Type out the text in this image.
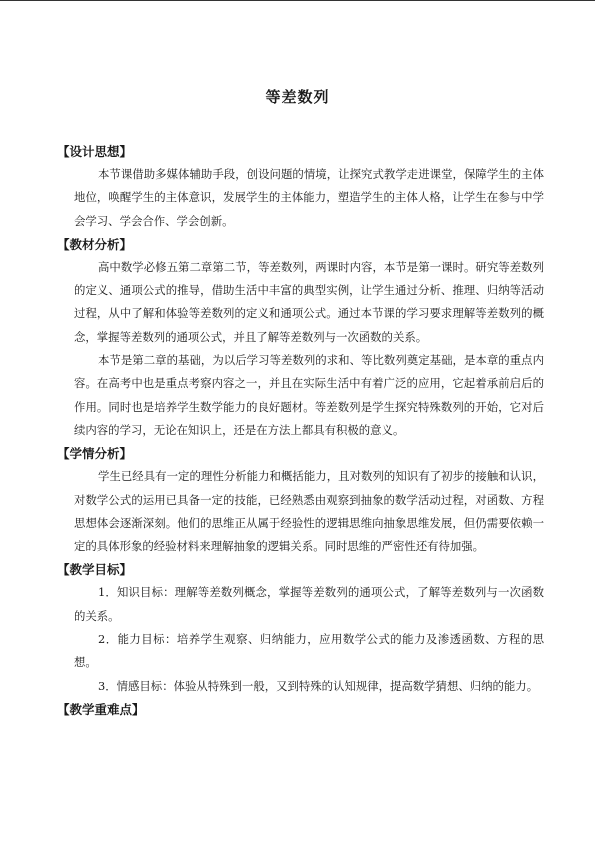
等差数列

【设计思想】

本节课借助多媒体辅助手段，创设问题的情境，让探究式教学走进课堂，保障学生的主体地位，唤醒学生的主体意识，发展学生的主体能力，塑造学生的主体人格，让学生在参与中学会学习、学会合作、学会创新。

【教材分析】

高中数学必修五第二章第二节，等差数列，两课时内容，本节是第一课时。研究等差数列的定义、通项公式的推导，借助生活中丰富的典型实例，让学生通过分析、推理、归纳等活动过程，从中了解和体验等差数列的定义和通项公式。通过本节课的学习要求理解等差数列的概念，掌握等差数列的通项公式，并且了解等差数列与一次函数的关系。

本节是第二章的基础，为以后学习等差数列的求和、等比数列奠定基础，是本章的重点内容。在高考中也是重点考察内容之一，并且在实际生活中有着广泛的应用，它起着承前启后的作用。同时也是培养学生数学能力的良好题材。等差数列是学生探究特殊数列的开始，它对后续内容的学习，无论在知识上，还是在方法上都具有积极的意义。

【学情分析】

学生已经具有一定的理性分析能力和概括能力，且对数列的知识有了初步的接触和认识，对数学公式的运用已具备一定的技能，已经熟悉由观察到抽象的数学活动过程，对函数、方程思想体会逐渐深刻。他们的思维正从属于经验性的逻辑思维向抽象思维发展，但仍需要依赖一定的具体形象的经验材料来理解抽象的逻辑关系。同时思维的严密性还有待加强。

【教学目标】

1．知识目标：理解等差数列概念，掌握等差数列的通项公式，了解等差数列与一次函数的关系。

2．能力目标：培养学生观察、归纳能力，应用数学公式的能力及渗透函数、方程的思想。

3．情感目标：体验从特殊到一般，又到特殊的认知规律，提高数学猜想、归纳的能力。

【教学重难点】
